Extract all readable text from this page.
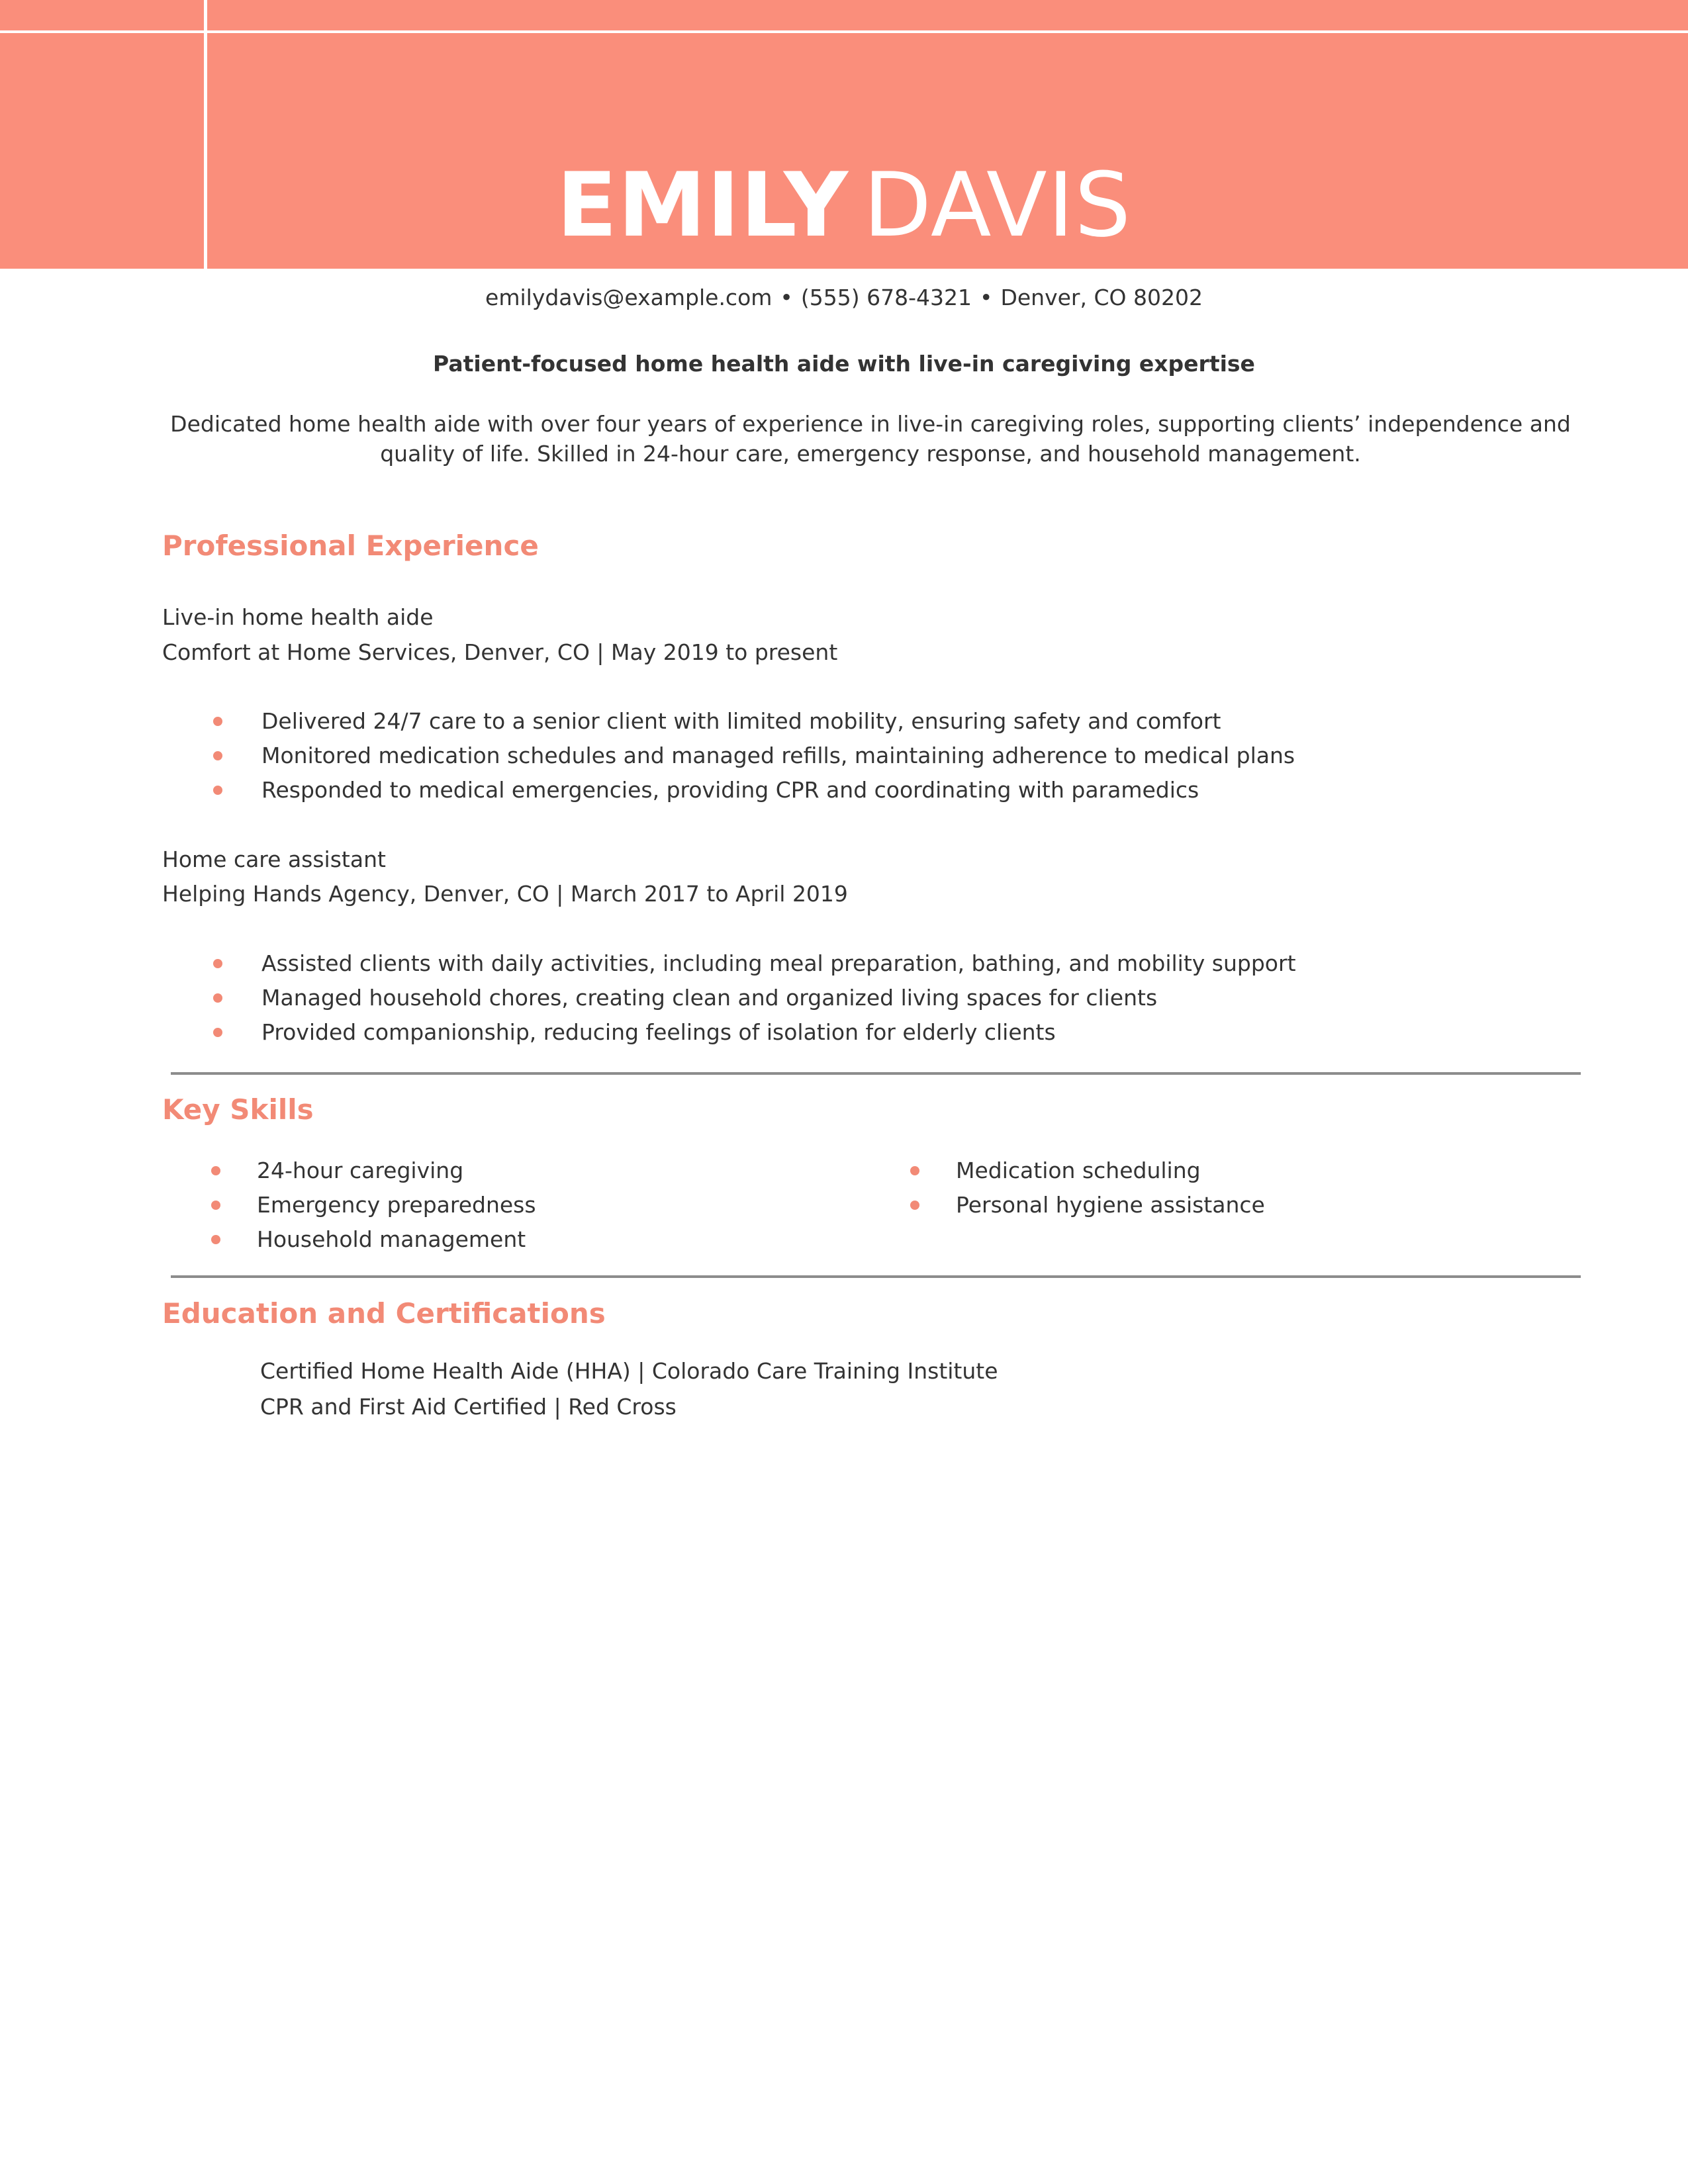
EMILY DAVIS
emilydavis@example.com • (555) 678-4321 • Denver, CO 80202
Patient-focused home health aide with live-in caregiving expertise
Dedicated home health aide with over four years of experience in live-in caregiving roles, supporting clients’ independence and quality of life. Skilled in 24-hour care, emergency response, and household management.
Professional Experience
Live-in home health aide
Comfort at Home Services, Denver, CO | May 2019 to present
Delivered 24/7 care to a senior client with limited mobility, ensuring safety and comfort
Monitored medication schedules and managed refills, maintaining adherence to medical plans
Responded to medical emergencies, providing CPR and coordinating with paramedics
Home care assistant
Helping Hands Agency, Denver, CO | March 2017 to April 2019
Assisted clients with daily activities, including meal preparation, bathing, and mobility support
Managed household chores, creating clean and organized living spaces for clients
Provided companionship, reducing feelings of isolation for elderly clients
Key Skills
24-hour caregiving
Emergency preparedness
Household management
Medication scheduling
Personal hygiene assistance
Education and Certifications
Certified Home Health Aide (HHA) | Colorado Care Training Institute
CPR and First Aid Certified | Red Cross
